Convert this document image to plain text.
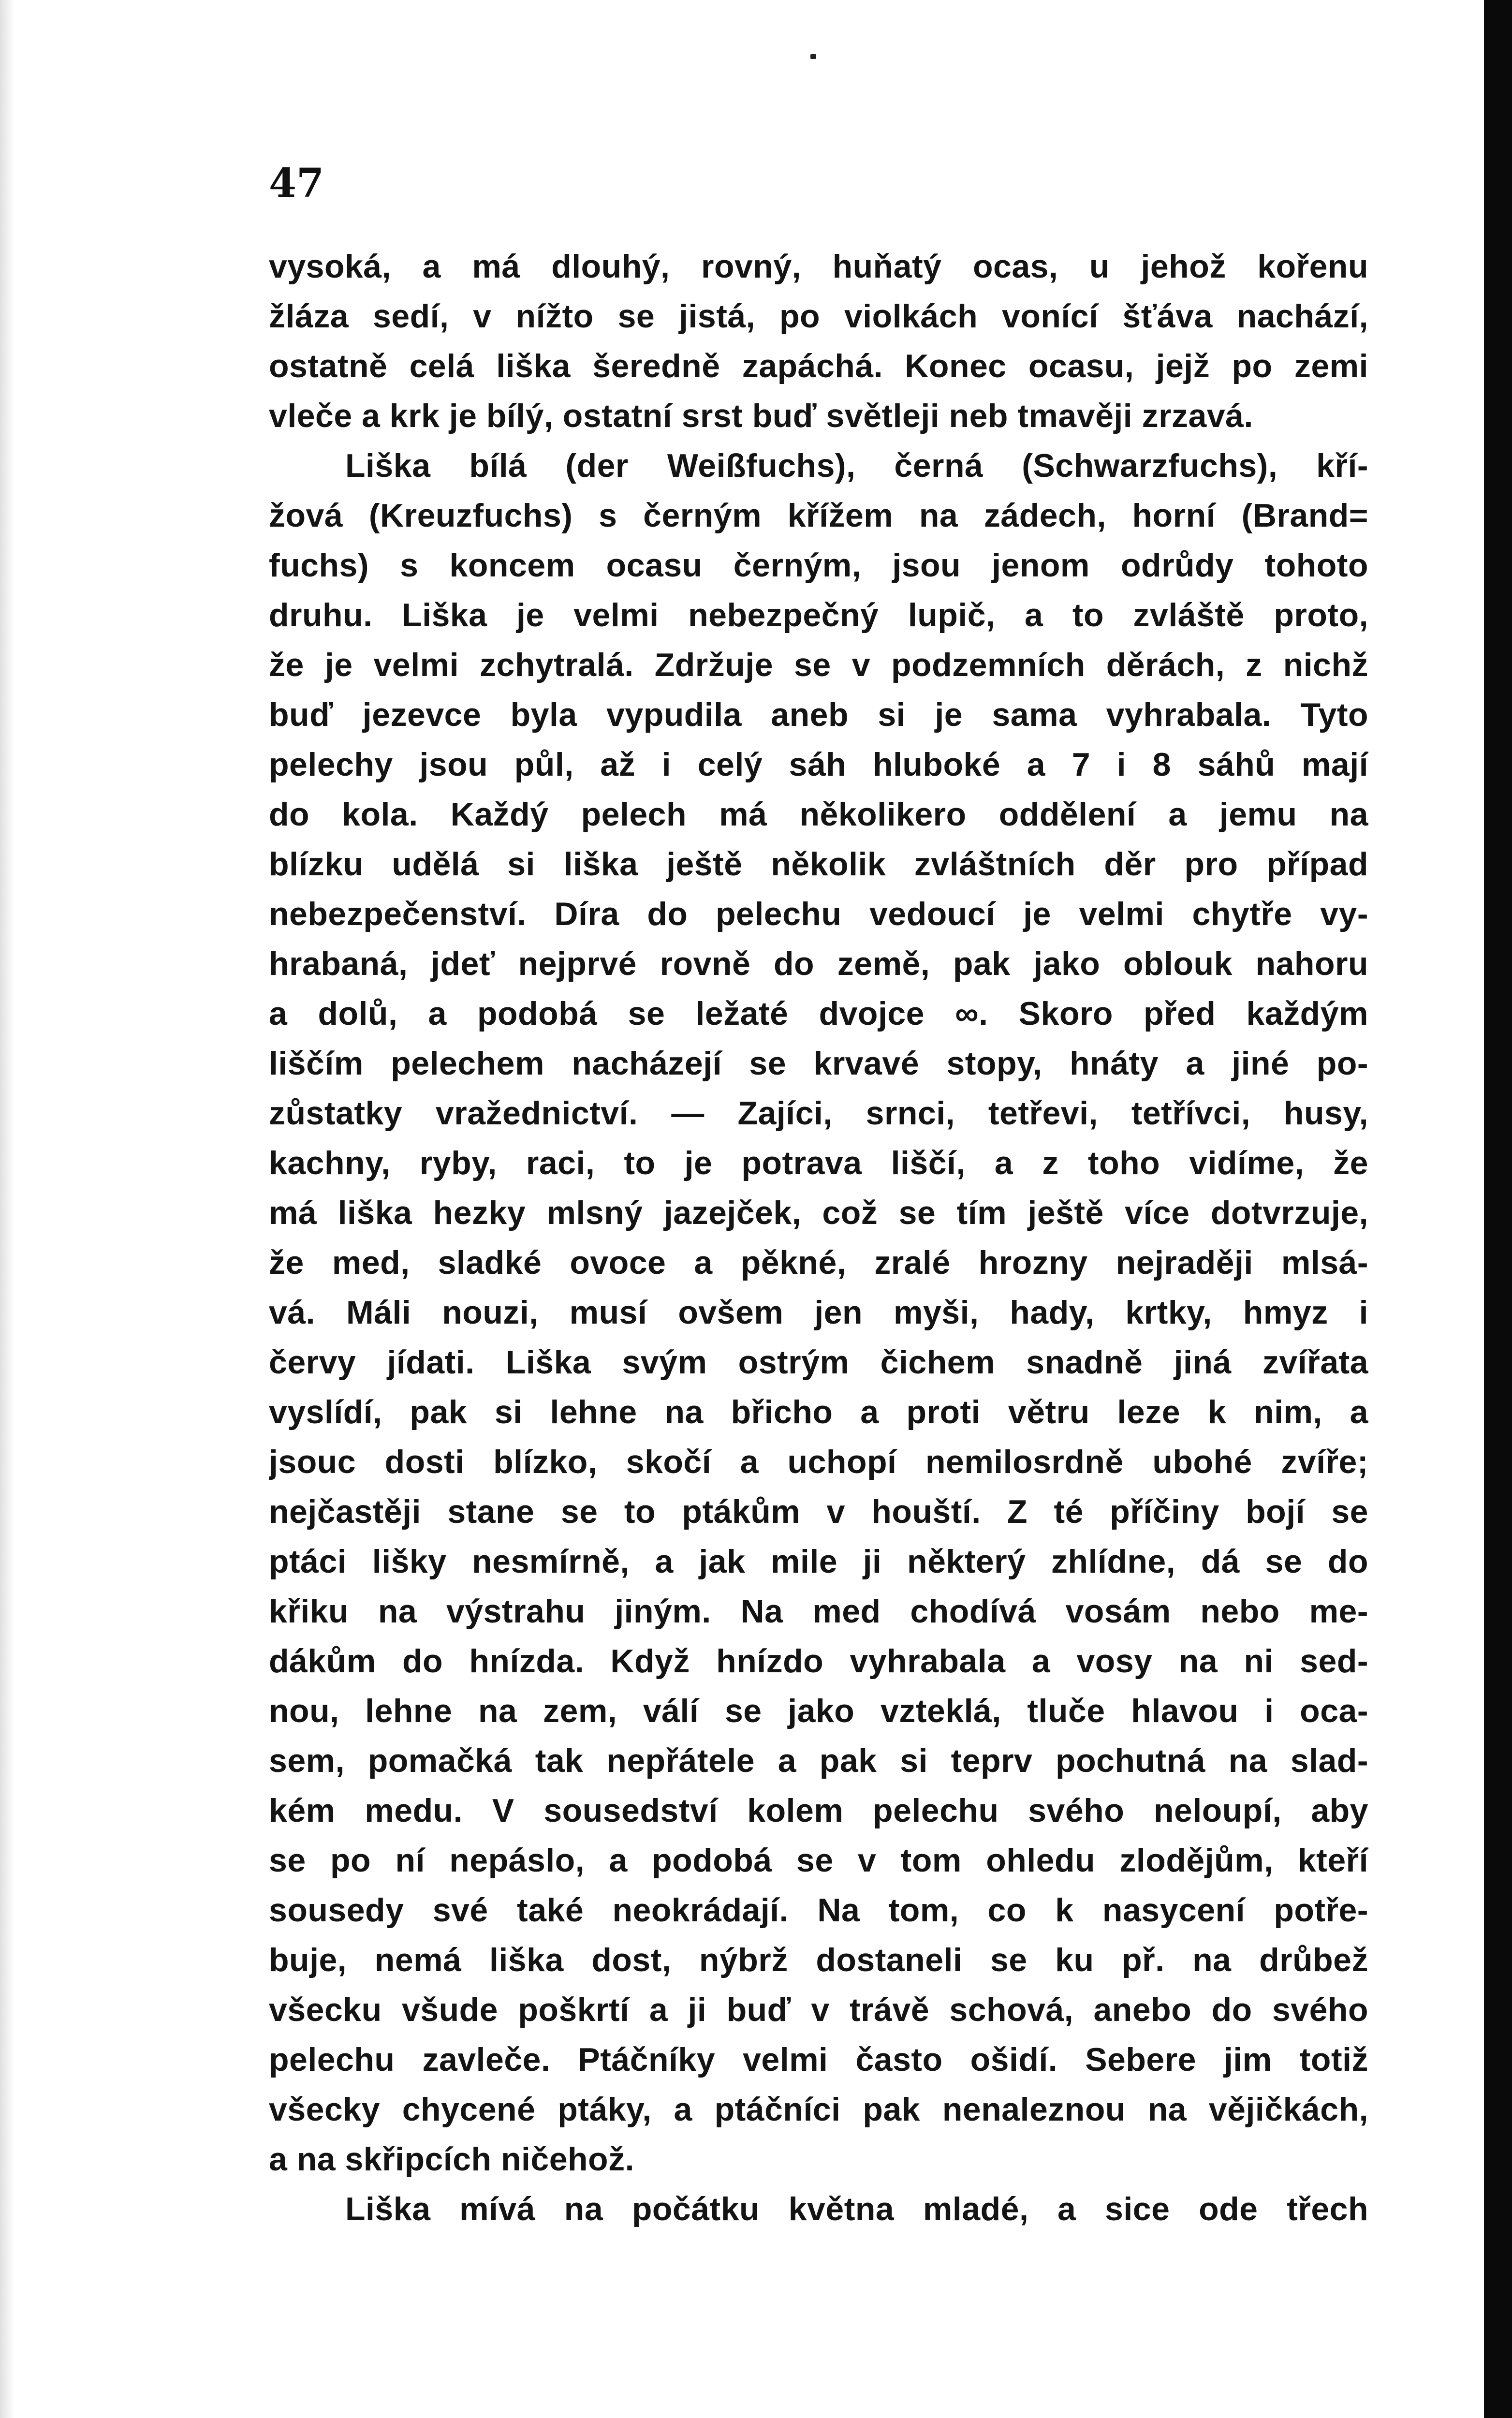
47
vysoká, a má dlouhý, rovný, huňatý ocas, u jehož kořenu
žláza sedí, v nížto se jistá, po violkách vonící šťáva nachází,
ostatně celá liška šeredně zapáchá. Konec ocasu, jejž po zemi
vleče a krk je bílý, ostatní srst buď světleji neb tmavěji zrzavá.
Liška bílá (der Weißfuchs), černá (Schwarzfuchs), kří-
žová (Kreuzfuchs) s černým křížem na zádech, horní (Brand=
fuchs) s koncem ocasu černým, jsou jenom odrůdy tohoto
druhu. Liška je velmi nebezpečný lupič, a to zvláště proto,
že je velmi zchytralá. Zdržuje se v podzemních děrách, z nichž
buď jezevce byla vypudila aneb si je sama vyhrabala. Tyto
pelechy jsou půl, až i celý sáh hluboké a 7 i 8 sáhů mají
do kola. Každý pelech má několikero oddělení a jemu na
blízku udělá si liška ještě několik zvláštních děr pro případ
nebezpečenství. Díra do pelechu vedoucí je velmi chytře vy-
hrabaná, jdeť nejprvé rovně do země, pak jako oblouk nahoru
a dolů, a podobá se ležaté dvojce ∞. Skoro před každým
liščím pelechem nacházejí se krvavé stopy, hnáty a jiné po-
zůstatky vražednictví. — Zajíci, srnci, tetřevi, tetřívci, husy,
kachny, ryby, raci, to je potrava liščí, a z toho vidíme, že
má liška hezky mlsný jazejček, což se tím ještě více dotvrzuje,
že med, sladké ovoce a pěkné, zralé hrozny nejraději mlsá-
vá. Máli nouzi, musí ovšem jen myši, hady, krtky, hmyz i
červy jídati. Liška svým ostrým čichem snadně jiná zvířata
vyslídí, pak si lehne na břicho a proti větru leze k nim, a
jsouc dosti blízko, skočí a uchopí nemilosrdně ubohé zvíře;
nejčastěji stane se to ptákům v houští. Z té příčiny bojí se
ptáci lišky nesmírně, a jak mile ji některý zhlídne, dá se do
křiku na výstrahu jiným. Na med chodívá vosám nebo me-
dákům do hnízda. Když hnízdo vyhrabala a vosy na ni sed-
nou, lehne na zem, válí se jako vzteklá, tluče hlavou i oca-
sem, pomačká tak nepřátele a pak si teprv pochutná na slad-
kém medu. V sousedství kolem pelechu svého neloupí, aby
se po ní nepáslo, a podobá se v tom ohledu zlodějům, kteří
sousedy své také neokrádají. Na tom, co k nasycení potře-
buje, nemá liška dost, nýbrž dostaneli se ku př. na drůbež
všecku všude poškrtí a ji buď v trávě schová, anebo do svého
pelechu zavleče. Ptáčníky velmi často ošidí. Sebere jim totiž
všecky chycené ptáky, a ptáčníci pak nenaleznou na vějičkách,
a na skřipcích ničehož.
Liška mívá na počátku května mladé, a sice ode třech
